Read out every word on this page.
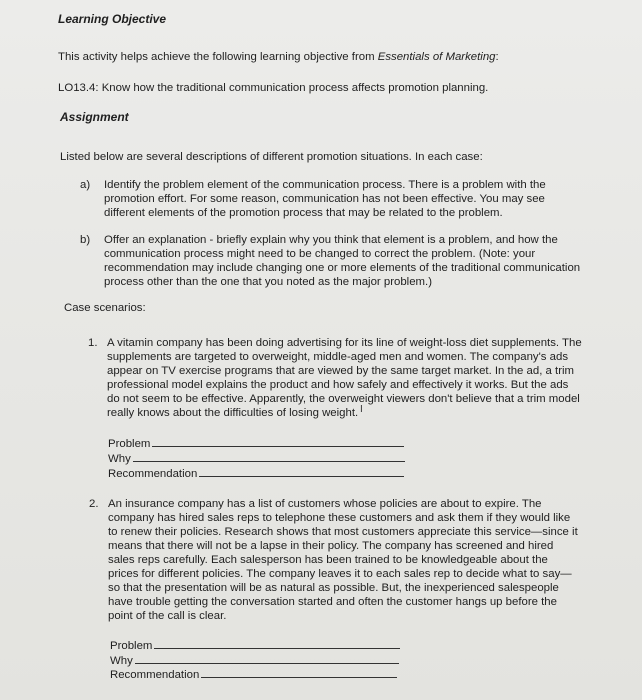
Learning Objective
This activity helps achieve the following learning objective from Essentials of Marketing:
LO13.4: Know how the traditional communication process affects promotion planning.
Assignment
Listed below are several descriptions of different promotion situations. In each case:
a) Identify the problem element of the communication process. There is a problem with the promotion effort. For some reason, communication has not been effective. You may see different elements of the promotion process that may be related to the problem.
b) Offer an explanation - briefly explain why you think that element is a problem, and how the communication process might need to be changed to correct the problem. (Note: your recommendation may include changing one or more elements of the traditional communication process other than the one that you noted as the major problem.)
Case scenarios:
1. A vitamin company has been doing advertising for its line of weight-loss diet supplements. The supplements are targeted to overweight, middle-aged men and women. The company's ads appear on TV exercise programs that are viewed by the same target market. In the ad, a trim professional model explains the product and how safely and effectively it works. But the ads do not seem to be effective. Apparently, the overweight viewers don't believe that a trim model really knows about the difficulties of losing weight. I
Problem
Why
Recommendation
2. An insurance company has a list of customers whose policies are about to expire. The company has hired sales reps to telephone these customers and ask them if they would like to renew their policies. Research shows that most customers appreciate this service—since it means that there will not be a lapse in their policy. The company has screened and hired sales reps carefully. Each salesperson has been trained to be knowledgeable about the prices for different policies. The company leaves it to each sales rep to decide what to say—so that the presentation will be as natural as possible. But, the inexperienced salespeople have trouble getting the conversation started and often the customer hangs up before the point of the call is clear.
Problem
Why
Recommendation
